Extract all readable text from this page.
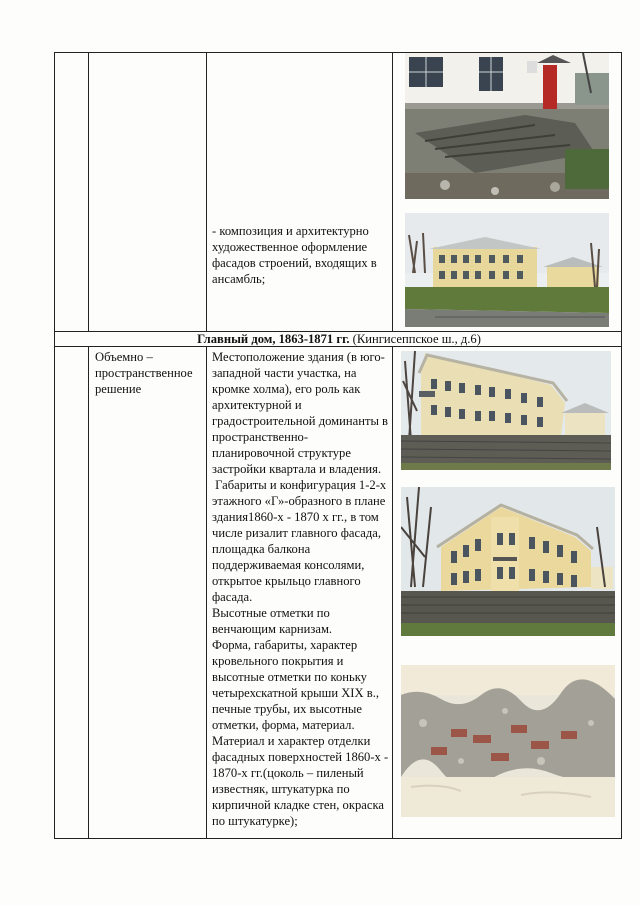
- композиция и архитектурно художественное оформление фасадов строений, входящих в ансамбль;
Главный дом, 1863-1871 гг. (Кингисеппское ш., д.6)
Объемно – пространственное решение
Местоположение здания (в юго- западной части участка, на кромке холма), его роль как архитектурной и градостроительной доминанты в пространственно-планировочной структуре застройки квартала и владения.
Габариты и конфигурация 1-2-х этажного «Г»-образного в плане здания1860-х - 1870 х гг., в том числе ризалит главного фасада, площадка балкона поддерживаемая консолями, открытое крыльцо главного фасада.
Высотные отметки по венчающим карнизам.
Форма, габариты, характер кровельного покрытия и высотные отметки по коньку четырехскатной крыши XIX в., печные трубы, их высотные отметки, форма, материал.
Материал и характер отделки фасадных поверхностей 1860-х - 1870-х гг.(цоколь – пиленый известняк, штукатурка по кирпичной кладке стен, окраска по штукатурке);
